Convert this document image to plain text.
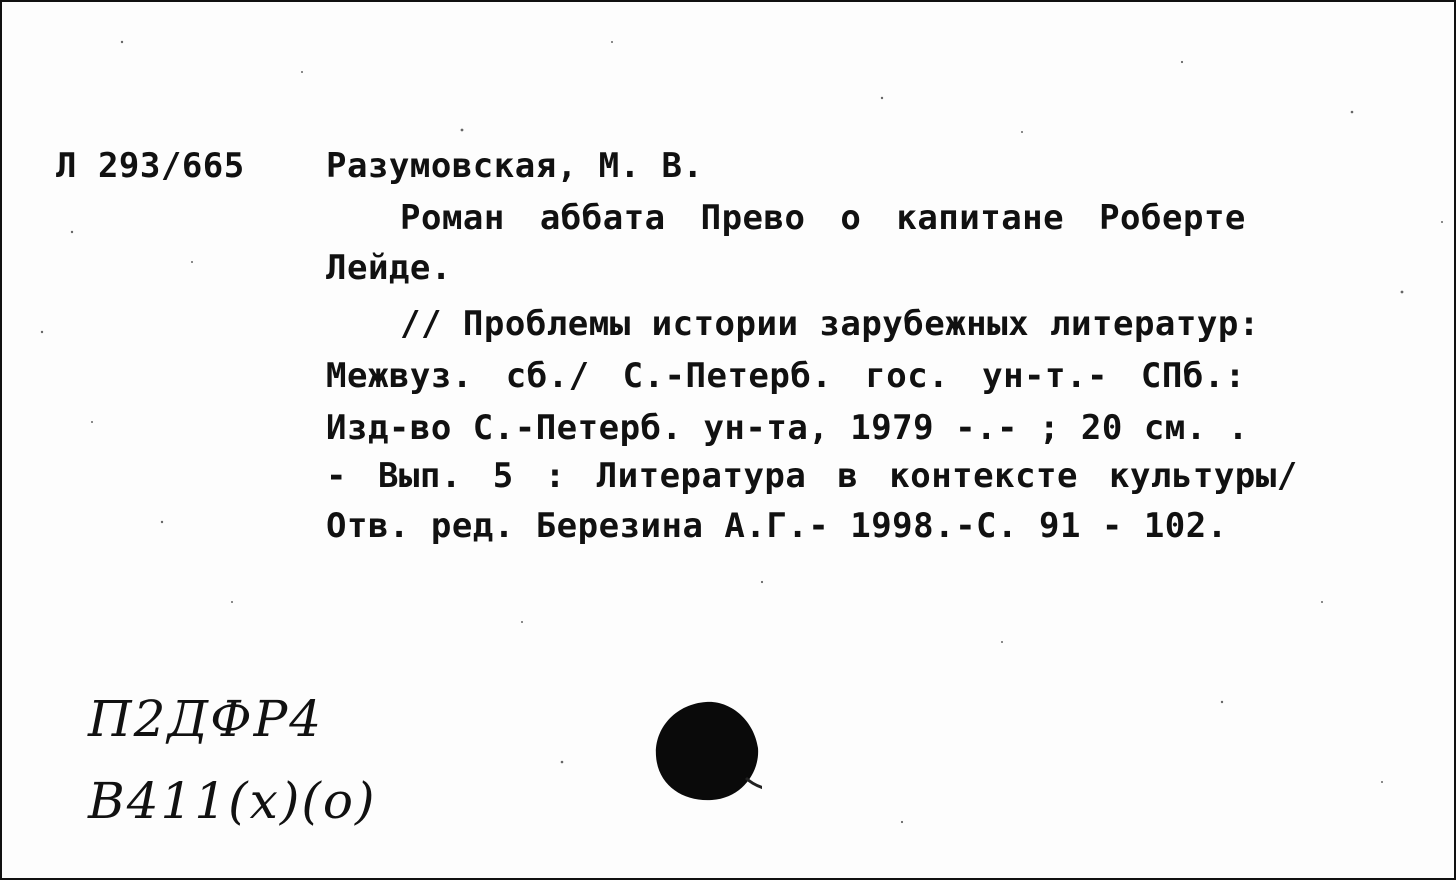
Л 293/665 Разумовская, М. В.
Роман аббата Прево о капитане Роберте
Лейде.
// Проблемы истории зарубежных литератур:
Межвуз. сб./ С.-Петерб. гос. ун-т.- СПб.:
Изд-во С.-Петерб. ун-та, 1979 -.- ; 20 см. .
- Вып. 5 : Литература в контексте культуры/
Отв. ред. Березина А.Г.- 1998.-С. 91 - 102.
П2ДФР4
В411(х)(о)
